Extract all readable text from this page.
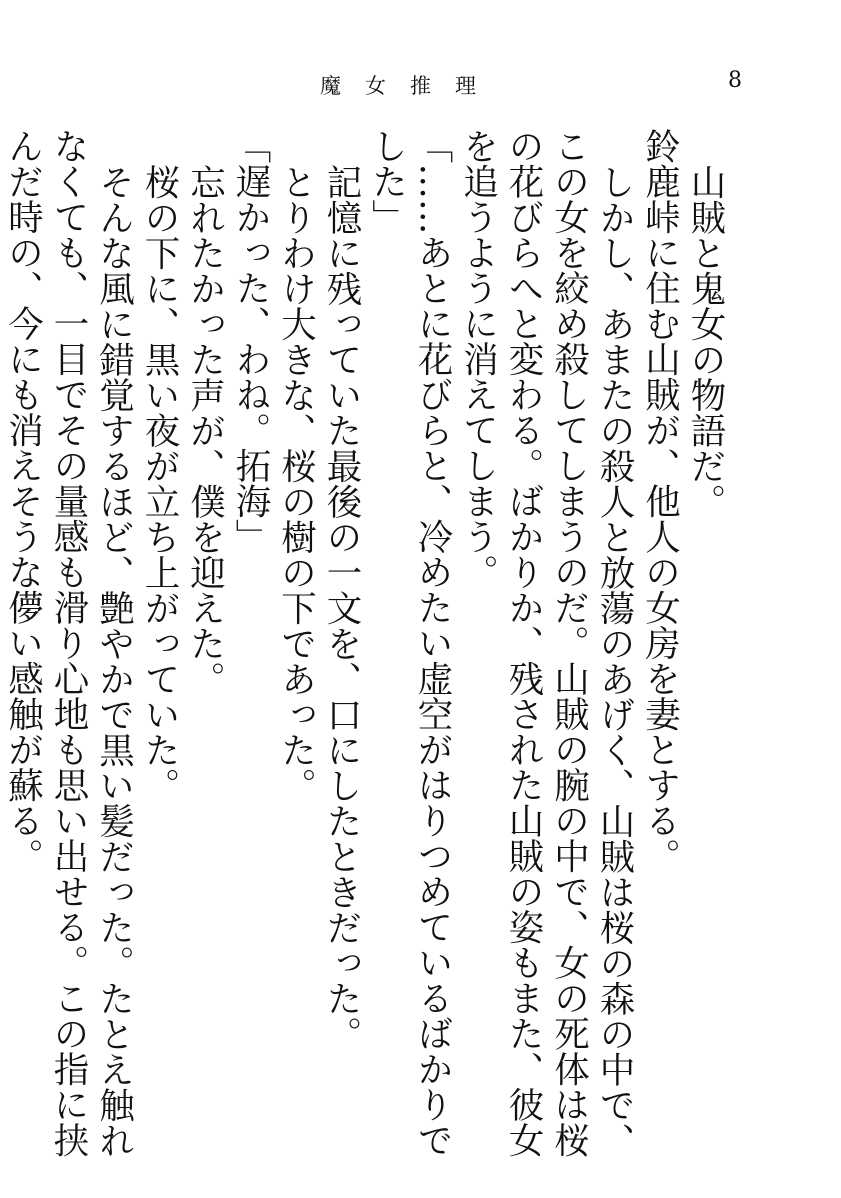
魔女推理	8

山賊と鬼女の物語だ。

鈴鹿峠に住む山賊が、他人の女房を妻とする。

しかし、あまたの殺人と放蕩のあげく、山賊は桜の森の中で、この女を絞め殺してしまうのだ。山賊の腕の中で、女の死体は桜の花びらへと変わる。ばかりか、残された山賊の姿もまた、彼女を追うように消えてしまう。

「……あとに花びらと、冷めたい虚空がはりつめているばかりでした」

記憶に残っていた最後の一文を、口にしたときだった。

とりわけ大きな、桜の樹の下であった。

「遅かった、わね。拓海」

忘れたかった声が、僕を迎えた。

桜の下に、黒い夜が立ち上がっていた。

そんな風に錯覚するほど、艶やかで黒い髪だった。たとえ触れなくても、一目でその量感も滑り心地も思い出せる。この指に挟んだ時の、今にも消えそうな儚い感触が蘇る。
